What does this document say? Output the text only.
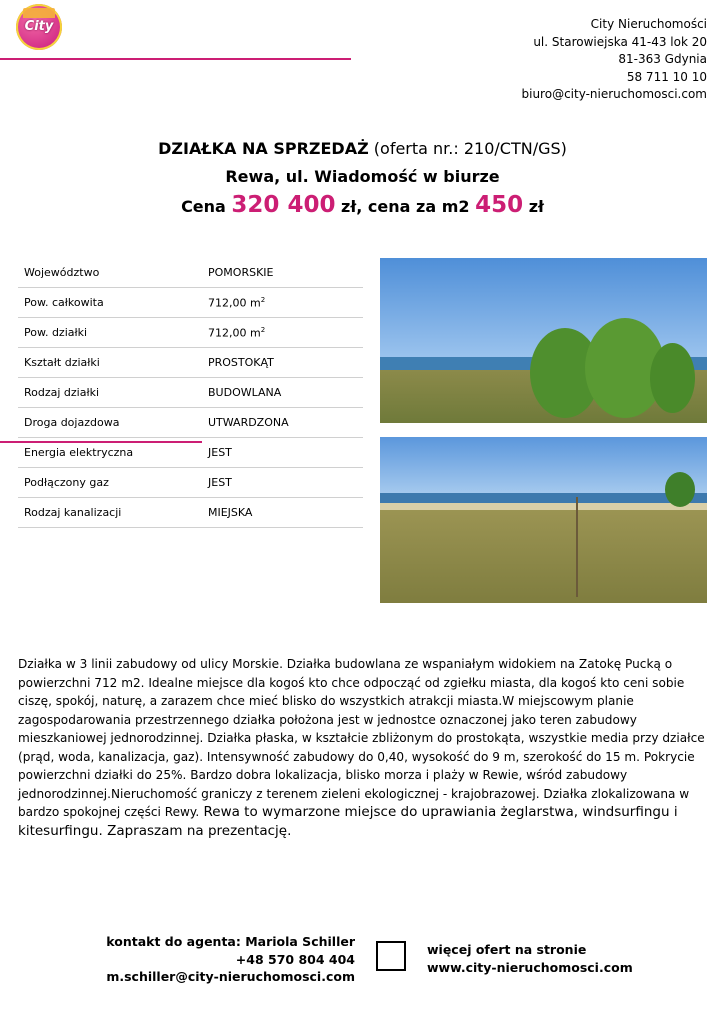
City	City Nieruchomości
ul. Starowiejska 41-43 lok 20
81-363 Gdynia
58 711 10 10
biuro@city-nieruchomosci.com
DZIAŁKA NA SPRZEDAŻ (oferta nr.: 210/CTN/GS)
Rewa, ul. Wiadomość w biurze
Cena 320 400 zł, cena za m2 450 zł
Województwo	POMORSKIE
Pow. całkowita	712,00 $m^2$
Pow. działki	712,00 $m^2$
Kształt działki	PROSTOKĄT
Rodzaj działki	BUDOWLANA
Droga dojazdowa	UTWARDZONA
Energia elektryczna	JEST
Podłączony gaz	JEST
Rodzaj kanalizacji	MIEJSKA
Działka w 3 linii zabudowy od ulicy Morskie. Działka budowlana ze wspaniałym widokiem na Zatokę Pucką o powierzchni 712 m2. Idealne miejsce dla kogoś kto chce odpocząć od zgiełku miasta, dla kogoś kto ceni sobie ciszę, spokój, naturę, a zarazem chce mieć blisko do wszystkich atrakcji miasta.W miejscowym planie zagospodarowania przestrzennego działka położona jest w jednostce oznaczonej jako teren zabudowy mieszkaniowej jednorodzinnej. Działka płaska, w kształcie zbliżonym do prostokąta, wszystkie media przy działce (prąd, woda, kanalizacja, gaz). Intensywność zabudowy do 0,40, wysokość do 9 m, szerokość do 15 m. Pokrycie powierzchni działki do 25%. Bardzo dobra lokalizacja, blisko morza i plaży w Rewie, wśród zabudowy jednorodzinnej.Nieruchomość graniczy z terenem zieleni ekologicznej - krajobrazowej. Działka zlokalizowana w bardzo spokojnej części Rewy. Rewa to wymarzone miejsce do uprawiania żeglarstwa, windsurfingu i kitesurfingu. Zapraszam na prezentację.
kontakt do agenta: Mariola Schiller
+48 570 804 404
m.schiller@city-nieruchomosci.com
więcej ofert na stronie
www.city-nieruchomosci.com
